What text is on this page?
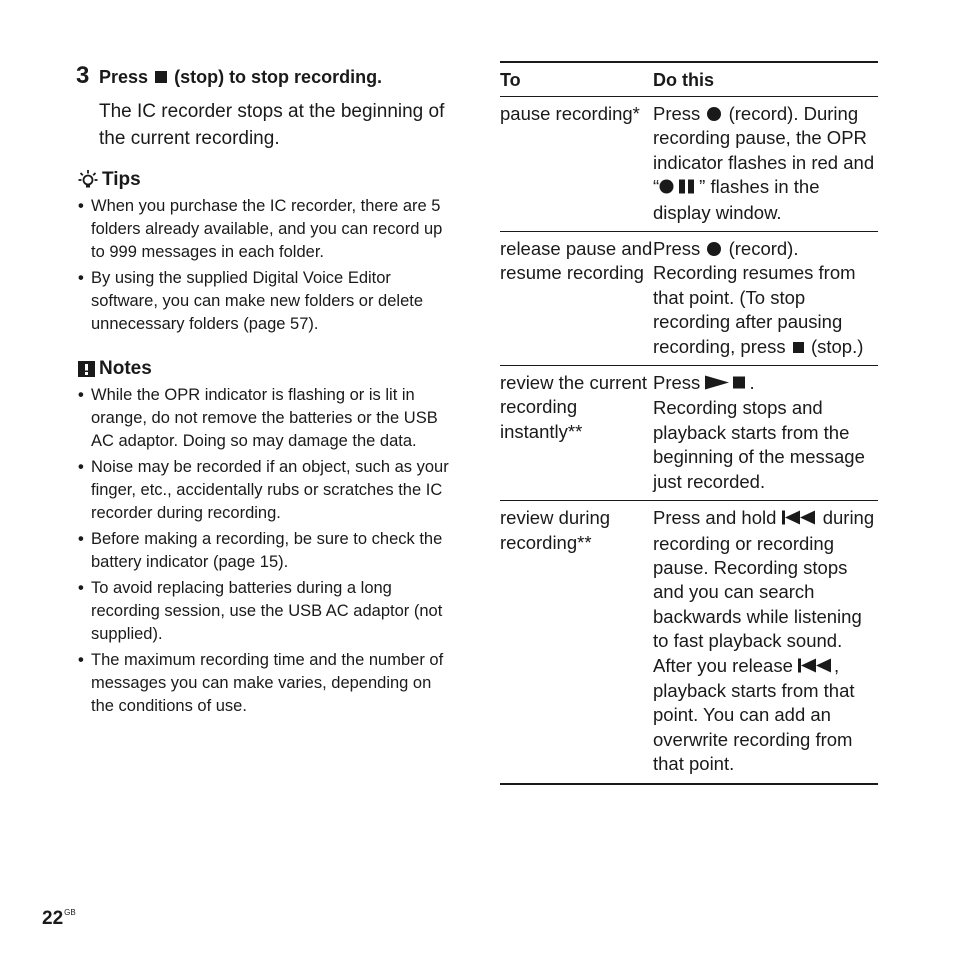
3 Press (stop) to stop recording.
The IC recorder stops at the beginning of the current recording.
Tips
• When you purchase the IC recorder, there are 5 folders already available, and you can record up to 999 messages in each folder.
• By using the supplied Digital Voice Editor software, you can make new folders or delete unnecessary folders (page 57).
Notes
• While the OPR indicator is flashing or is lit in orange, do not remove the batteries or the USB AC adaptor. Doing so may damage the data.
• Noise may be recorded if an object, such as your finger, etc., accidentally rubs or scratches the IC recorder during recording.
• Before making a recording, be sure to check the battery indicator (page 15).
• To avoid replacing batteries during a long recording session, use the USB AC adaptor (not supplied).
• The maximum recording time and the number of messages you can make varies, depending on the conditions of use.
To	Do this
pause recording*	Press (record). During recording pause, the OPR indicator flashes in red and “ ” flashes in the display window.
release pause and resume recording	Press (record). Recording resumes from that point. (To stop recording after pausing recording, press (stop.)
review the current recording instantly**	Press .
Recording stops and playback starts from the beginning of the message just recorded.
review during recording**	Press and hold during recording or recording pause. Recording stops and you can search backwards while listening to fast playback sound. After you release , playback starts from that point. You can add an overwrite recording from that point.
$22^{GB}$
